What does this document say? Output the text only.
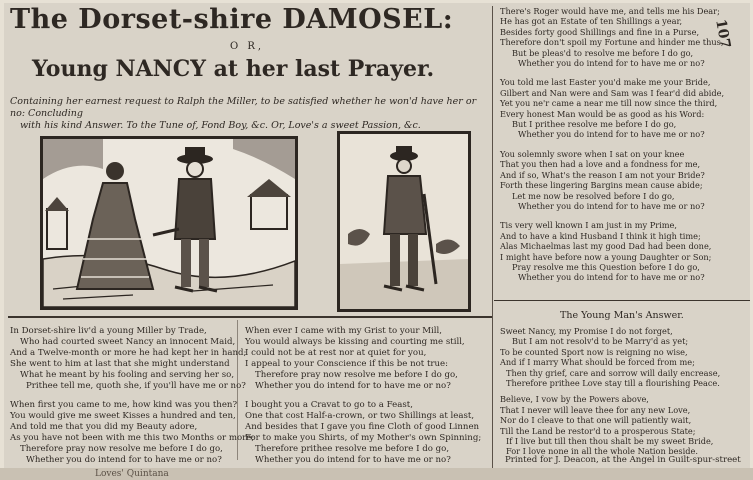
Loves' Quintana
The Dorset-shire DAMOSEL:
O R,
Young NANCY at her last Prayer.
Containing her earnest request to Ralph the Miller, to be satisfied whether he won'd have her or no: Concluding
with his kind Answer. To the Tune of, Fond Boy, &c. Or, Love's a sweet Passion, &c.
107

In Dorset-shire liv'd a young Miller by Trade,

Who had courted sweet Nancy an innocent Maid,

And a Twelve-month or more he had kept her in hand;

She went to him at last that she might understand

What he meant by his fooling and serving her so,

Prithee tell me, quoth she, if you'll have me or no?

When first you came to me, how kind was you then?

You would give me sweet Kisses a hundred and ten,

And told me that you did my Beauty adore,

As you have not been with me this two Months or more;

Therefore pray now resolve me before I do go,

Whether you do intend for to have me or no?

When ever I came with my Grist to your Mill,

You would always be kissing and courting me still,

I could not be at rest nor at quiet for you,

I appeal to your Conscience if this be not true:

Therefore pray now resolve me before I do go,

Whether you do intend for to have me or no?

I bought you a Cravat to go to a Feast,

One that cost Half-a-crown, or two Shillings at least,

And besides that I gave you fine Cloth of good Linnen

For to make you Shirts, of my Mother's own Spinning;

Therefore prithee resolve me before I do go,

Whether you do intend for to have me or no?

There's Roger would have me, and tells me his Dear;

He has got an Estate of ten Shillings a year,

Besides forty good Shillings and fine in a Purse,

Therefore don't spoil my Fortune and hinder me thus,

But be pleas'd to resolve me before I do go,

Whether you do intend for to have me or no?

You told me last Easter you'd make me your Bride,

Gilbert and Nan were and Sam was I fear'd did abide,

Yet you ne'r came a near me till now since the third,

Every honest Man would be as good as his Word:

But I prithee resolve me before I do go,

Whether you do intend for to have me or no?

You solemnly swore when I sat on your knee

That you then had a love and a fondness for me,

And if so, What's the reason I am not your Bride?

Forth these lingering Bargins mean cause abide;

Let me now be resolved before I do go,

Whether you do intend for to have me or no?

Tis very well known I am just in my Prime,

And to have a kind Husband I think it high time;

Alas Michaelmas last my good Dad had been done,

I might have before now a young Daughter or Son;

Pray resolve me this Question before I do go,

Whether you do intend for to have me or no?

The Young Man's Answer.

Sweet Nancy, my Promise I do not forget,

But I am not resolv'd to be Marry'd as yet;

To be counted Sport now is reigning no wise,

And if I marry What should be forced from me;

Then thy grief, care and sorrow will daily encrease,

Therefore prithee Love stay till a flourishing Peace.

Believe, I vow by the Powers above,

That I never will leave thee for any new Love,

Nor do I cleave to that one will patiently wait,

Till the Land be restor'd to a prosperous State;

If I live but till then thou shalt be my sweet Bride,

For I love none in all the whole Nation beside.

Printed for J. Deacon, at the Angel in Guilt-spur-street
